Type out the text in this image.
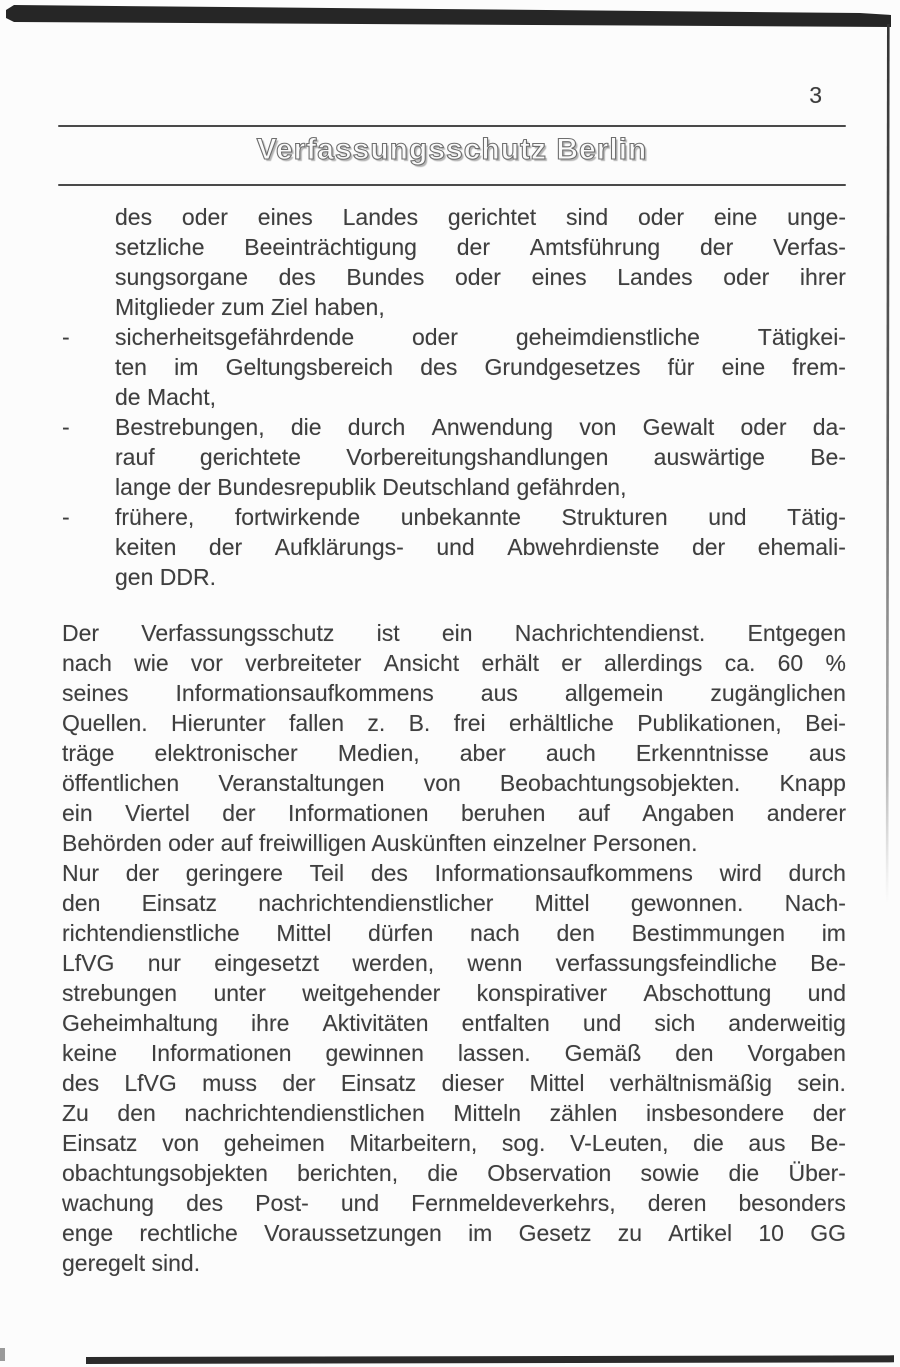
3
Verfassungsschutz Berlin
des oder eines Landes gerichtet sind oder eine unge-
setzliche Beeinträchtigung der Amtsführung der Verfas-
sungsorgane des Bundes oder eines Landes oder ihrer
Mitglieder zum Ziel haben,
-	sicherheitsgefährdende	oder	geheimdienstliche	Tätigkei-
ten im Geltungsbereich des Grundgesetzes für eine frem-
de Macht,
-	Bestrebungen, die durch Anwendung von Gewalt oder da-
rauf gerichtete Vorbereitungshandlungen auswärtige Be-
lange der Bundesrepublik Deutschland gefährden,
-	frühere, fortwirkende unbekannte Strukturen und Tätig-
keiten der Aufklärungs- und Abwehrdienste der ehemali-
gen DDR.
Der Verfassungsschutz ist ein Nachrichtendienst. Entgegen
nach wie vor verbreiteter Ansicht erhält er allerdings ca. 60 %
seines Informationsaufkommens aus allgemein zugänglichen
Quellen. Hierunter fallen z. B. frei erhältliche Publikationen, Bei-
träge elektronischer Medien, aber auch Erkenntnisse aus
öffentlichen Veranstaltungen von Beobachtungsobjekten. Knapp
ein Viertel der Informationen beruhen auf Angaben anderer
Behörden oder auf freiwilligen Auskünften einzelner Personen.
Nur der geringere Teil des Informationsaufkommens wird durch
den Einsatz nachrichtendienstlicher Mittel gewonnen. Nach-
richtendienstliche Mittel dürfen nach den Bestimmungen im
LfVG nur eingesetzt werden, wenn verfassungsfeindliche Be-
strebungen unter weitgehender konspirativer Abschottung und
Geheimhaltung ihre Aktivitäten entfalten und sich anderweitig
keine Informationen gewinnen lassen. Gemäß den Vorgaben
des LfVG muss der Einsatz dieser Mittel verhältnismäßig sein.
Zu den nachrichtendienstlichen Mitteln zählen insbesondere der
Einsatz von geheimen Mitarbeitern, sog. V-Leuten, die aus Be-
obachtungsobjekten berichten, die Observation sowie die Über-
wachung des Post- und Fernmeldeverkehrs, deren besonders
enge rechtliche Voraussetzungen im Gesetz zu Artikel 10 GG
geregelt sind.
